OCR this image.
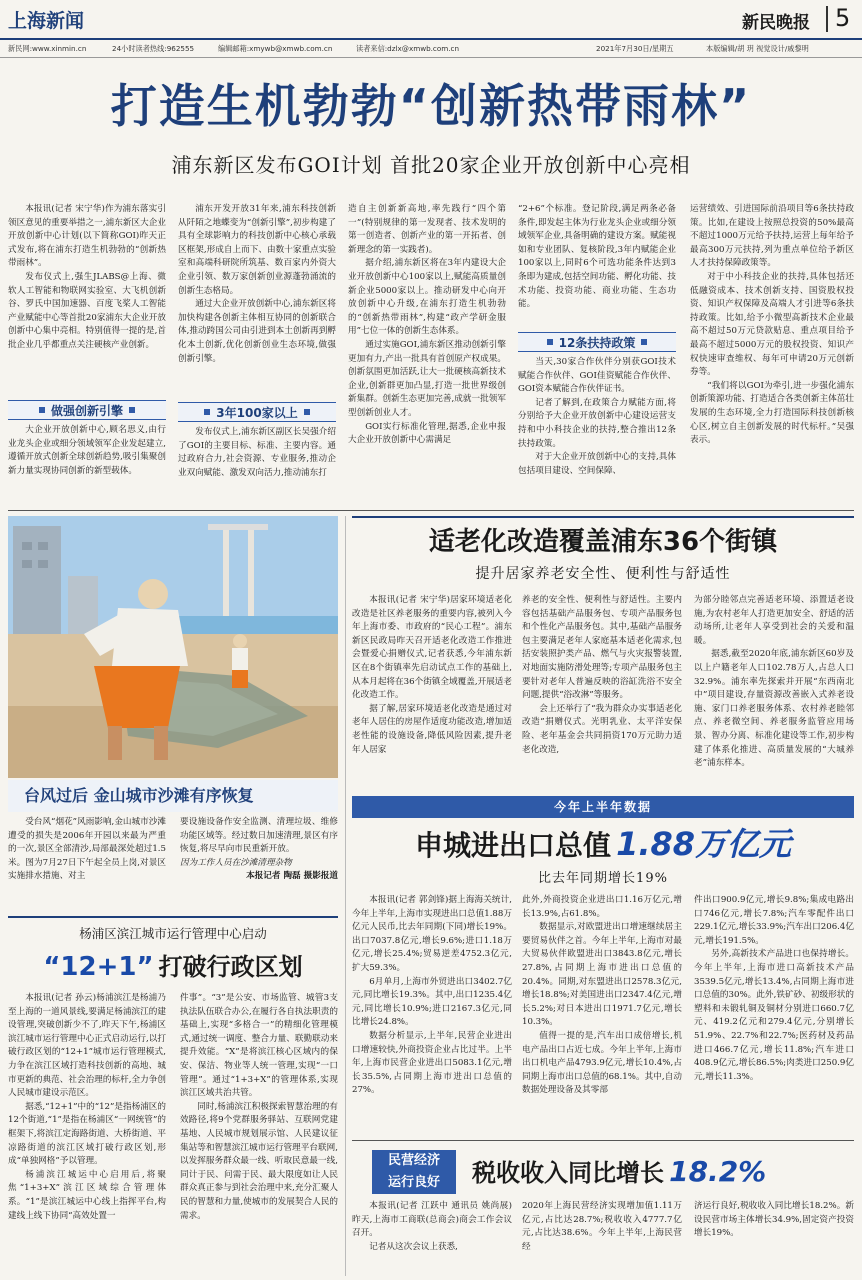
上海新闻	新民晚报 5
新民网:www.xinmin.cn	24小时读者热线:962555	编辑邮箱:xmywb@xmwb.com.cn	读者来信:dzlx@xmwb.com.cn	2021年7月30日/星期五	本版编辑/胡 玥 视觉设计/戚黎明
打造生机勃勃“创新热带雨林”
浦东新区发布GOI计划 首批20家企业开放创新中心亮相

本报讯(记者 宋宁华)作为浦东落实引领区意见的重要举措之一,浦东新区大企业开放创新中心计划(以下简称GOI)昨天正式发布,将在浦东打造生机勃勃的“创新热带雨林”。

发布仪式上,强生JLABS@上海、微软人工智能和物联网实验室、大飞机创新谷、罗氏中国加速器、百度飞桨人工智能产业赋能中心等首批20家浦东大企业开放创新中心集中亮相。特别值得一提的是,首批企业几乎都重点关注硬核产业创新。

做强创新引擎

大企业开放创新中心,顾名思义,由行业龙头企业或细分领域领军企业发起建立,遵循开放式创新全球创新趋势,吸引集聚创新力量实现协同创新的新型载体。

浦东开发开放31年来,浦东科技创新从阡陌之地蝶变为“创新引擎”,初步构建了具有全球影响力的科技创新中心核心承载区框架,形成自上而下、由数十家重点实验室和高端科研院所筑基、数百家内外资大企业引领、数万家创新创业源蓬勃涌流的创新生态格局。

通过大企业开放创新中心,浦东新区将加快构建各创新主体相互协同的创新联合体,推动跨国公司由引进到本土创新再到孵化本土创新,优化创新创业生态环境,做强创新引擎。

3年100家以上

发布仪式上,浦东新区副区长吴强介绍了GOI的主要目标、标准、主要内容。通过政府合力,社会资源、专业服务,推动企业双向赋能、激发双向活力,推动浦东打

造自主创新新高地,率先践行“四个第一”(特别规律的第一发现者、技术发明的第一创造者、创新产业的第一开拓者、创新理念的第一实践者)。

据介绍,浦东新区将在3年内建设大企业开放创新中心100家以上,赋能高质量创新企业5000家以上。推动研发中心向开放创新中心升级,在浦东打造生机勃勃的“创新热带雨林”,构建“政产学研金服用”七位一体的创新生态体系。

通过实施GOI,浦东新区推动创新引擎更加有力,产出一批具有首创原产权成果。创新氛围更加活跃,让大一批硬核高新技术企业,创新群更加凸显,打造一批世界级创新集群。创新生态更加完善,成就一批领军型创新创业人才。

GOI实行标准化管理,据悉,企业申报大企业开放创新中心需满足

“2+6”个标准。登记阶段,满足两条必备条件,即发起主体为行业龙头企业或细分领域领军企业,具备明确的建设方案。赋能视如和专业团队、复核阶段,3年内赋能企业100家以上,同时6个可选功能条件达到3条即为建成,包括空间功能、孵化功能、技术功能、投资功能、商业功能、生态功能。

12条扶持政策

当天,30家合作伙伴分别获GOI技术赋能合作伙伴、GOI佳资赋能合作伙伴、GOI资本赋能合作伙伴证书。

记者了解到,在政策合力赋能方面,将分别给予大企业开放创新中心建设运营支持和中小科技企业的扶持,整合推出12条扶持政策。

对于大企业开放创新中心的支持,具体包括项目建设、空间保障、

运营绩效、引进国际前沿项目等6条扶持政策。比如,在建设上按照总投资的50%最高不超过1000万元给予扶持,运营上每年给予最高300万元扶持,列为重点单位给予新区人才扶持保障政策等。

对于中小科技企业的扶持,具体包括还低融资成本、技术创新支持、国资股权投资、知识产权保障及高端人才引进等6条扶持政策。比如,给予小微型高新技术企业最高不超过50万元贷款贴息、重点项目给予最高不超过5000万元的股权投资、知识产权快速审查维权、每年可申请20万元创新券等。

“我们将以GOI为牵引,进一步强化浦东创新策源功能、打造适合各类创新主体茁壮发展的生态环境,全力打造国际科技创新核心区,树立自主创新发展的时代标杆。”吴强表示。

台风过后 金山城市沙滩有序恢复

受台风“烟花”风雨影响,金山城市沙滩遭受的损失是2006年开园以来最为严重的一次,景区全部清沙,局部最深处超过1.5米。图为7月27日下午起全员上岗,对景区实施排水措施、对主

要设施设备作安全监测、清理垃圾、维修功能区域等。经过数日加速清理,景区有序恢复,将尽早向市民重新开放。

因为工作人员在沙滩清理杂物

本报记者 陶磊 摄影报道

适老化改造覆盖浦东36个街镇
提升居家养老安全性、便利性与舒适性

本报讯(记者 宋宁华)居家环境适老化改造是社区养老服务的重要内容,被列入今年上海市委、市政府的“民心工程”。浦东新区民政局昨天召开适老化改造工作推进会暨爱心捐赠仪式,记者获悉,今年浦东新区在8个街镇率先启动试点工作的基础上,从本月起将在36个街镇全域覆盖,开展适老化改造工作。

据了解,居家环境适老化改造是通过对老年人居住的房屋作适度功能改造,增加适老性能的设施设备,降低风险因素,提升老年人居家

养老的安全性、便利性与舒适性。主要内容包括基础产品服务包、专项产品服务包和个性化产品服务包。其中,基础产品服务包主要满足老年人家庭基本适老化需求,包括安装照护类产品、燃气与火灾报警装置,对地面实施防滑处理等;专项产品服务包主要针对老年人普遍反映的浴缸洗浴不安全问题,提供“浴改淋”等服务。

会上还举行了“我为群众办实事适老化改造”捐赠仪式。光明乳业、太平洋安保险、老年基金会共同捐资170万元助力适老化改造,

为部分睦邻点完善适老环境、添置适老设施,为农村老年人打造更加安全、舒适的活动场所,让老年人享受到社会的关爱和温暖。

据悉,截至2020年底,浦东新区60岁及以上户籍老年人口102.78万人,占总人口32.9%。浦东率先探索并开展“东西南北中”项目建设,存量资源改善嵌入式养老设施、家门口养老服务体系、农村养老睦邻点、养老微空间、养老服务监管应用场景、智办分离、标准化建设等工作,初步构建了体系化推进、高质量发展的“大城养老”浦东样本。

今年上半年数据
申城进出口总值 1.88万亿元
比去年同期增长19%

本报讯(记者 郭剑锋)据上海海关统计,今年上半年,上海市实现进出口总值1.88万亿元人民币,比去年同期(下同)增长19%。出口7037.8亿元,增长9.6%;进口1.18万亿元,增长25.4%;贸易逆差4752.3亿元,扩大59.3%。

6月单月,上海市外贸进出口3402.7亿元,同比增长19.3%。其中,出口1235.4亿元,同比增长10.9%;进口2167.3亿元,同比增长24.8%。

数据分析显示,上半年,民营企业进出口增速较快,外商投资企业占比过半。上半年,上海市民营企业进出口5083.1亿元,增长35.5%,占同期上海市进出口总值的27%。

此外,外商投资企业进出口1.16万亿元,增长13.9%,占61.8%。

数据显示,对欧盟进出口增速继续居主要贸易伙伴之首。今年上半年,上海市对最大贸易伙伴欧盟进出口3843.8亿元,增长27.8%,占同期上海市进出口总值的20.4%。同期,对东盟进出口2578.3亿元,增长18.8%;对美国进出口2347.4亿元,增长5.2%;对日本进出口1971.7亿元,增长10.3%。

值得一提的是,汽车出口成倍增长,机电产品出口占近七成。今年上半年,上海市出口机电产品4793.9亿元,增长10.4%,占同期上海市出口总值的68.1%。其中,自动数据处理设备及其零部

件出口900.9亿元,增长9.8%;集成电路出口746亿元,增长7.8%;汽车零配件出口229.1亿元,增长33.9%;汽车出口206.4亿元,增长191.5%。

另外,高新技术产品进口也保持增长。今年上半年,上海市进口高新技术产品3539.5亿元,增长13.4%,占同期上海市进口总值的30%。此外,铁矿砂、初级形状的塑料和未锻轧铜及铜材分别进口660.7亿元、419.2亿元和279.4亿元,分别增长51.9%、22.7%和22.7%;医药材及药品进口466.7亿元,增长11.8%;汽车进口408.9亿元,增长86.5%;肉类进口250.9亿元,增长11.3%。

民营经济
运行良好	税收收入同比增长 18.2%

本报讯(记者 江跃中 通讯员 姚尚展)昨天,上海市工商联(总商会)商会工作会议召开。

记者从这次会议上获悉,

2020年上海民营经济实现增加值1.11万亿元,占比达28.7%;税收收入4777.7亿元,占比达38.6%。今年上半年,上海民营经

济运行良好,税收收入同比增长18.2%。新设民营市场主体增长34.9%,固定资产投资增长19%。

杨浦区滨江城市运行管理中心启动
“12+1” 打破行政区划

本报讯(记者 孙云)杨浦滨江是杨浦乃至上海的一道风景线,要满足杨浦滨江的建设管理,突破创新少不了,昨天下午,杨浦区滨江城市运行管理中心正式启动运行,以打破行政区划的“12+1”城市运行管理模式,力争在滨江区域打造科技创新的高地、城市更新的典范、社会治理的标杆,全力争创人民城市建设示范区。

据悉,“12+1”中的“12”是指杨浦区的12个街道,“1”是指在杨浦区“一网统管”的框架下,将滨江定海路街道、大桥街道、平凉路街道的滨江区域打破行政区划,形成“单独网格”予以管理。

杨浦滨江城运中心启用后,将聚焦“1+3+X”滨江区域综合管理体系。“1”是滨江城运中心线上指挥平台,构建线上线下协同“高效处置一

件事”。“3”是公安、市场监管、城管3支执法队伍联合办公,在履行各自执法职责的基础上,实现“多格合一”的精细化管理模式,通过统一调度、整合力量、联勤联动来提升效能。“X”是将滨江核心区域内的保安、保洁、物业等人统一管理,实现“一口管理”。通过“1+3+X”的管理体系,实现滨江区域共治共管。

同时,杨浦滨江积极探索智慧治理的有效路径,将9个党群服务驿站、互联网党建基地、人民城市规划展示馆、人民建议征集站等和智慧滨江城市运行管理平台联网,以发挥服务群众最一线、听取民意最一线,同计于民、问需于民、最大限度如让人民群众真正参与到社会治理中来,充分汇聚人民的智慧和力量,使城市的发展契合人民的需求。
